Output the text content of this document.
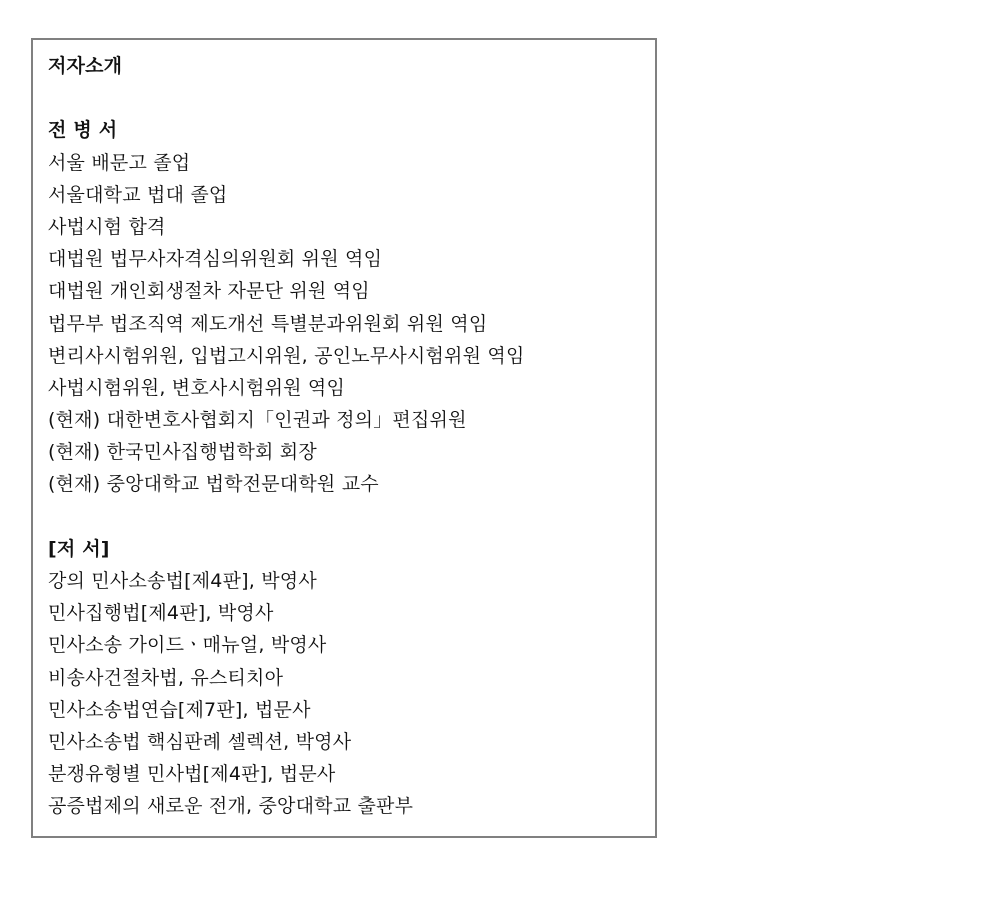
저자소개
전 병 서
서울 배문고 졸업
서울대학교 법대 졸업
사법시험 합격
대법원 법무사자격심의위원회 위원 역임
대법원 개인회생절차 자문단 위원 역임
법무부 법조직역 제도개선 특별분과위원회 위원 역임
변리사시험위원, 입법고시위원, 공인노무사시험위원 역임
사법시험위원, 변호사시험위원 역임
(현재) 대한변호사협회지「인권과 정의」편집위원
(현재) 한국민사집행법학회 회장
(현재) 중앙대학교 법학전문대학원 교수
[저 서]
강의 민사소송법[제4판], 박영사
민사집행법[제4판], 박영사
민사소송 가이드ㆍ매뉴얼, 박영사
비송사건절차법, 유스티치아
민사소송법연습[제7판], 법문사
민사소송법 핵심판례 셀렉션, 박영사
분쟁유형별 민사법[제4판], 법문사
공증법제의 새로운 전개, 중앙대학교 출판부
